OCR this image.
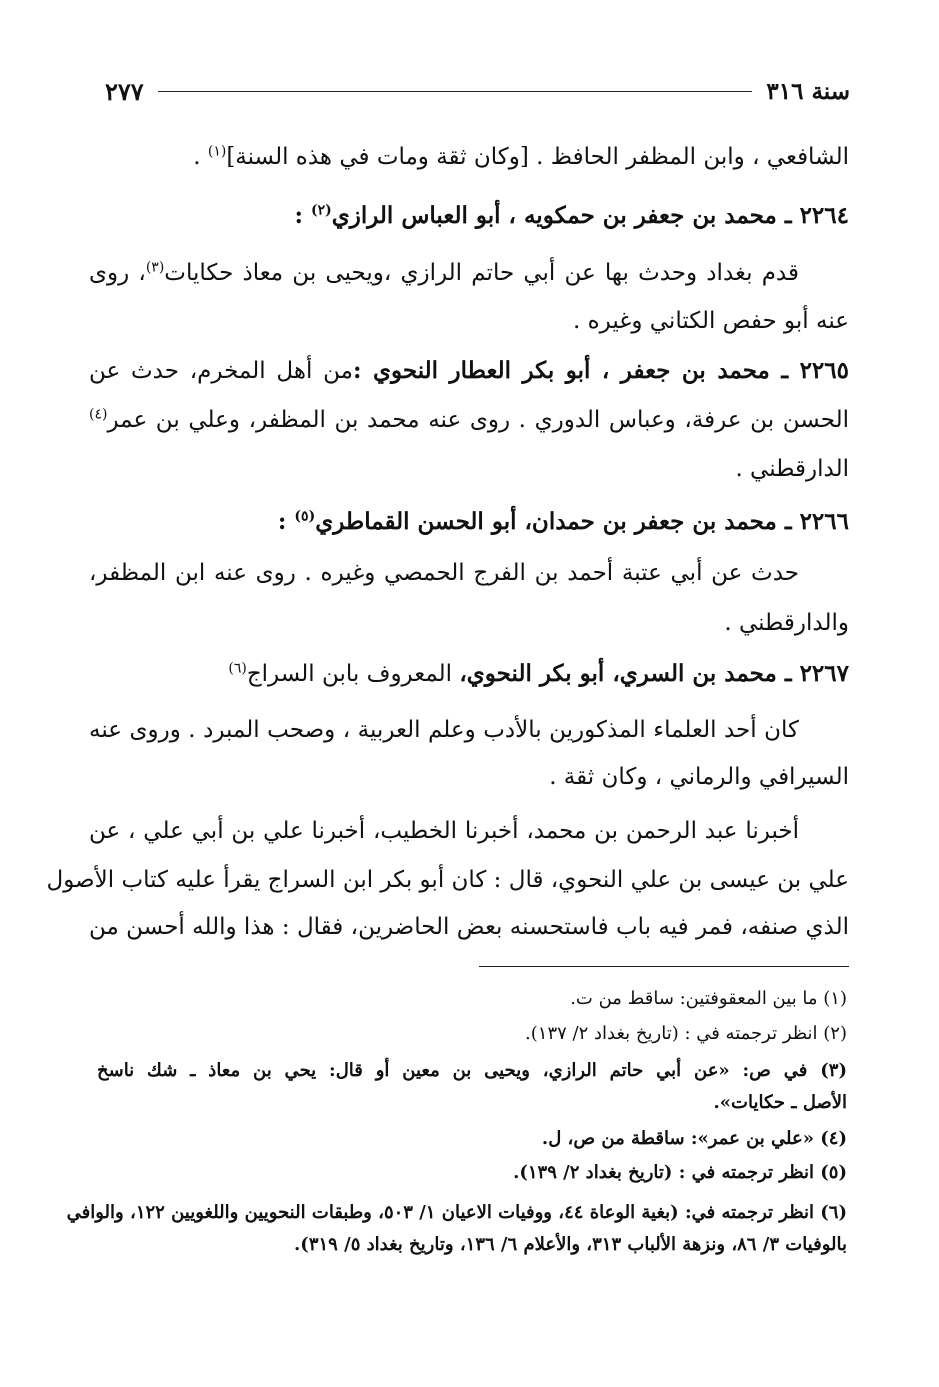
سنة ٣١٦
٢٧٧
الشافعي ، وابن المظفر الحافظ . [وكان ثقة ومات في هذه السنة]$^{(١)}$ .
٢٢٦٤ ـ محمد بن جعفر بن حمكويه ، أبو العباس الرازي$^{(٢)}$ :
قدم بغداد وحدث بها عن أبي حاتم الرازي ،ويحيى بن معاذ حكايات$^{(٣)}$، روى
عنه أبو حفص الكتاني وغيره .
٢٢٦٥ ـ محمد بن جعفر ، أبو بكر العطار النحوي :من أهل المخرم، حدث عن
الحسن بن عرفة، وعباس الدوري . روى عنه محمد بن المظفر، وعلي بن عمر$^{(٤)}$
الدارقطني .
٢٢٦٦ ـ محمد بن جعفر بن حمدان، أبو الحسن القماطري$^{(٥)}$ :
حدث عن أبي عتبة أحمد بن الفرج الحمصي وغيره . روى عنه ابن المظفر،
والدارقطني .
٢٢٦٧ ـ محمد بن السري، أبو بكر النحوي، المعروف بابن السراج$^{(٦)}$
كان أحد العلماء المذكورين بالأدب وعلم العربية ، وصحب المبرد . وروى عنه
السيرافي والرماني ، وكان ثقة .
أخبرنا عبد الرحمن بن محمد، أخبرنا الخطيب، أخبرنا علي بن أبي علي ، عن
علي بن عيسى بن علي النحوي، قال : كان أبو بكر ابن السراج يقرأ عليه كتاب الأصول
الذي صنفه، فمر فيه باب فاستحسنه بعض الحاضرين، فقال : هذا والله أحسن من
(١) ما بين المعقوفتين: ساقط من ت.
(٢) انظر ترجمته في : (تاريخ بغداد ٢/ ١٣٧).
(٣) في ص: «عن أبي حاتم الرازي، ويحيى بن معين أو قال: يحي بن معاذ ـ شك ناسخ
الأصل ـ حكايات».
(٤) «علي بن عمر»: ساقطة من ص، ل.
(٥) انظر ترجمته في : (تاريخ بغداد ٢/ ١٣٩).
(٦) انظر ترجمته في: (بغية الوعاة ٤٤، ووفيات الاعيان ١/ ٥٠٣، وطبقات النحويين واللغويين ١٢٢، والوافي
بالوفيات ٣/ ٨٦، ونزهة الألباب ٣١٣، والأعلام ٦/ ١٣٦، وتاريخ بغداد ٥/ ٣١٩).
